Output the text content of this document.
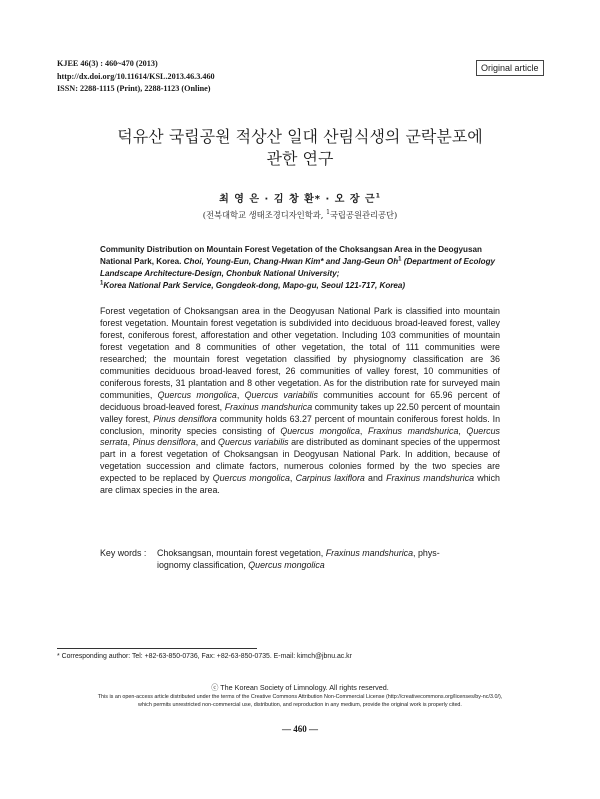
KJEE 46(3) : 460~470 (2013)
http://dx.doi.org/10.11614/KSL.2013.46.3.460
ISSN: 2288-1115 (Print), 2288-1123 (Online)
Original article
덕유산 국립공원 적상산 일대 산림식생의 군락분포에
관한 연구
최 영 은 · 김 창 환* · 오 장 근$^1$
(전북대학교 생태조경디자인학과, $^1$국립공원관리공단)
Community Distribution on Mountain Forest Vegetation of the Choksangsan Area in the Deogyusan National Park, Korea. Choi, Young-Eun, Chang-Hwan Kim* and Jang-Geun Oh$^1$ (Department of Ecology Landscape Architecture-Design, Chonbuk National University;
$^1$Korea National Park Service, Gongdeok-dong, Mapo-gu, Seoul 121-717, Korea)
Forest vegetation of Choksangsan area in the Deogyusan National Park is classified into mountain forest vegetation. Mountain forest vegetation is subdivided into deciduous broad-leaved forest, valley forest, coniferous forest, afforestation and other vegetation. Including 103 communities of mountain forest vegetation and 8 communities of other vegetation, the total of 111 communities were researched; the mountain forest vegetation classified by physiognomy classification are 36 communities deciduous broad-leaved forest, 26 communities of valley forest, 10 communities of coniferous forests, 31 plantation and 8 other vegetation. As for the distribution rate for surveyed main communities, Quercus mongolica, Quercus variabilis communities account for 65.96 percent of deciduous broad-leaved forest, Fraxinus mandshurica community takes up 22.50 percent of mountain valley forest, Pinus densiflora community holds 63.27 percent of mountain coniferous forest holds. In conclusion, minority species consisting of Quercus mongolica, Fraxinus mandshurica, Quercus serrata, Pinus densiflora, and Quercus variabilis are distributed as dominant species of the uppermost part in a forest vegetation of Choksangsan in Deogyusan National Park. In addition, because of vegetation succession and climate factors, numerous colonies formed by the two species are expected to be replaced by Quercus mongolica, Carpinus laxiflora and Fraxinus mandshurica which are climax species in the area.
Key words : Choksangsan, mountain forest vegetation, Fraxinus mandshurica, phys-
iognomy classification, Quercus mongolica
* Corresponding author: Tel: +82-63-850-0736, Fax: +82-63-850-0735. E-mail: kimch@jbnu.ac.kr
ⓒ The Korean Society of Limnology. All rights reserved.
This is an open-access article distributed under the terms of the Creative Commons Attribution Non-Commercial License (http://creativecommons.org/licenses/by-nc/3.0/),
which permits unrestricted non-commercial use, distribution, and reproduction in any medium, provide the original work is properly cited.
— 460 —
